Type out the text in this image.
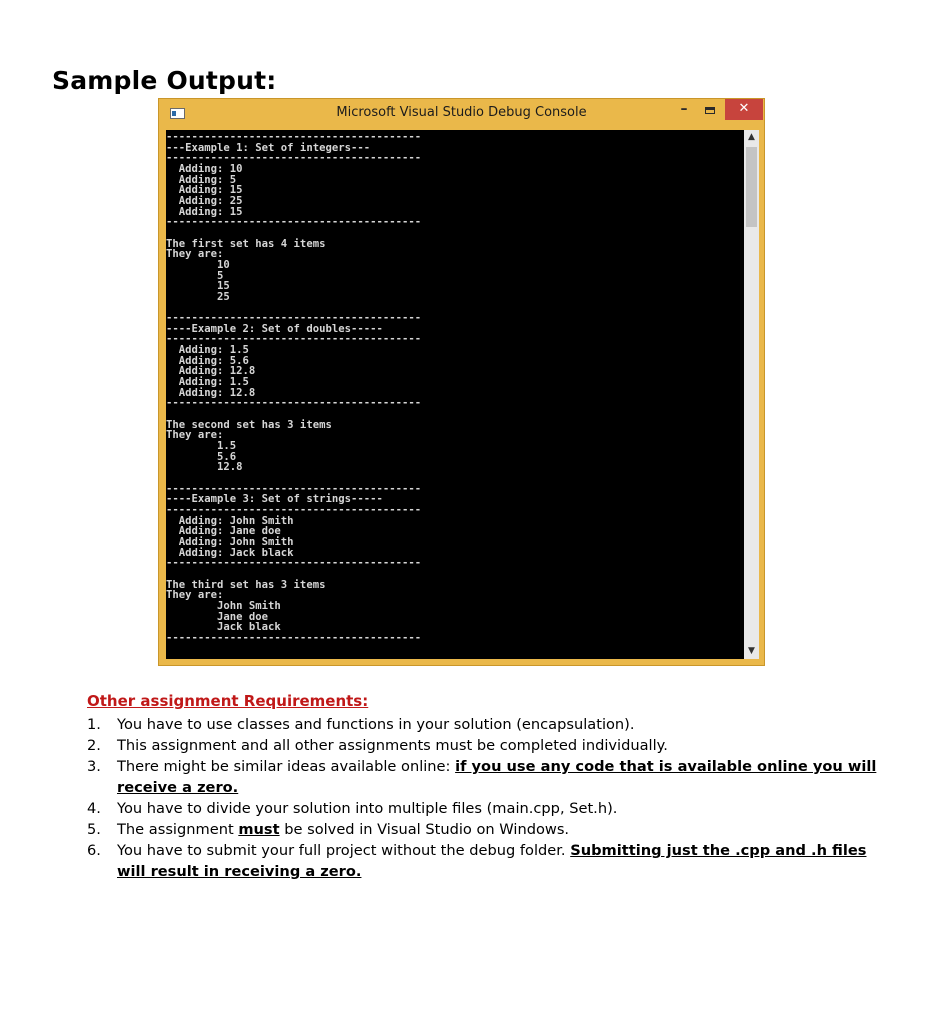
Sample Output:
Microsoft Visual Studio Debug Console	–	✕
----------------------------------------
---Example 1: Set of integers---
----------------------------------------
Adding: 10
Adding: 5
Adding: 15
Adding: 25
Adding: 15
----------------------------------------

The first set has 4 items
They are:
10
5
15
25

----------------------------------------
----Example 2: Set of doubles-----
----------------------------------------
Adding: 1.5
Adding: 5.6
Adding: 12.8
Adding: 1.5
Adding: 12.8
----------------------------------------

The second set has 3 items
They are:
1.5
5.6
12.8

----------------------------------------
----Example 3: Set of strings-----
----------------------------------------
Adding: John Smith
Adding: Jane doe
Adding: John Smith
Adding: Jack black
----------------------------------------

The third set has 3 items
They are:
John Smith
Jane doe
Jack black
----------------------------------------
▲
▼
Other assignment Requirements:
1. You have to use classes and functions in your solution (encapsulation).
2. This assignment and all other assignments must be completed individually.
3. There might be similar ideas available online: if you use any code that is available online you will receive a zero.
4. You have to divide your solution into multiple files (main.cpp, Set.h).
5. The assignment must be solved in Visual Studio on Windows.
6. You have to submit your full project without the debug folder. Submitting just the .cpp and .h files will result in receiving a zero.
